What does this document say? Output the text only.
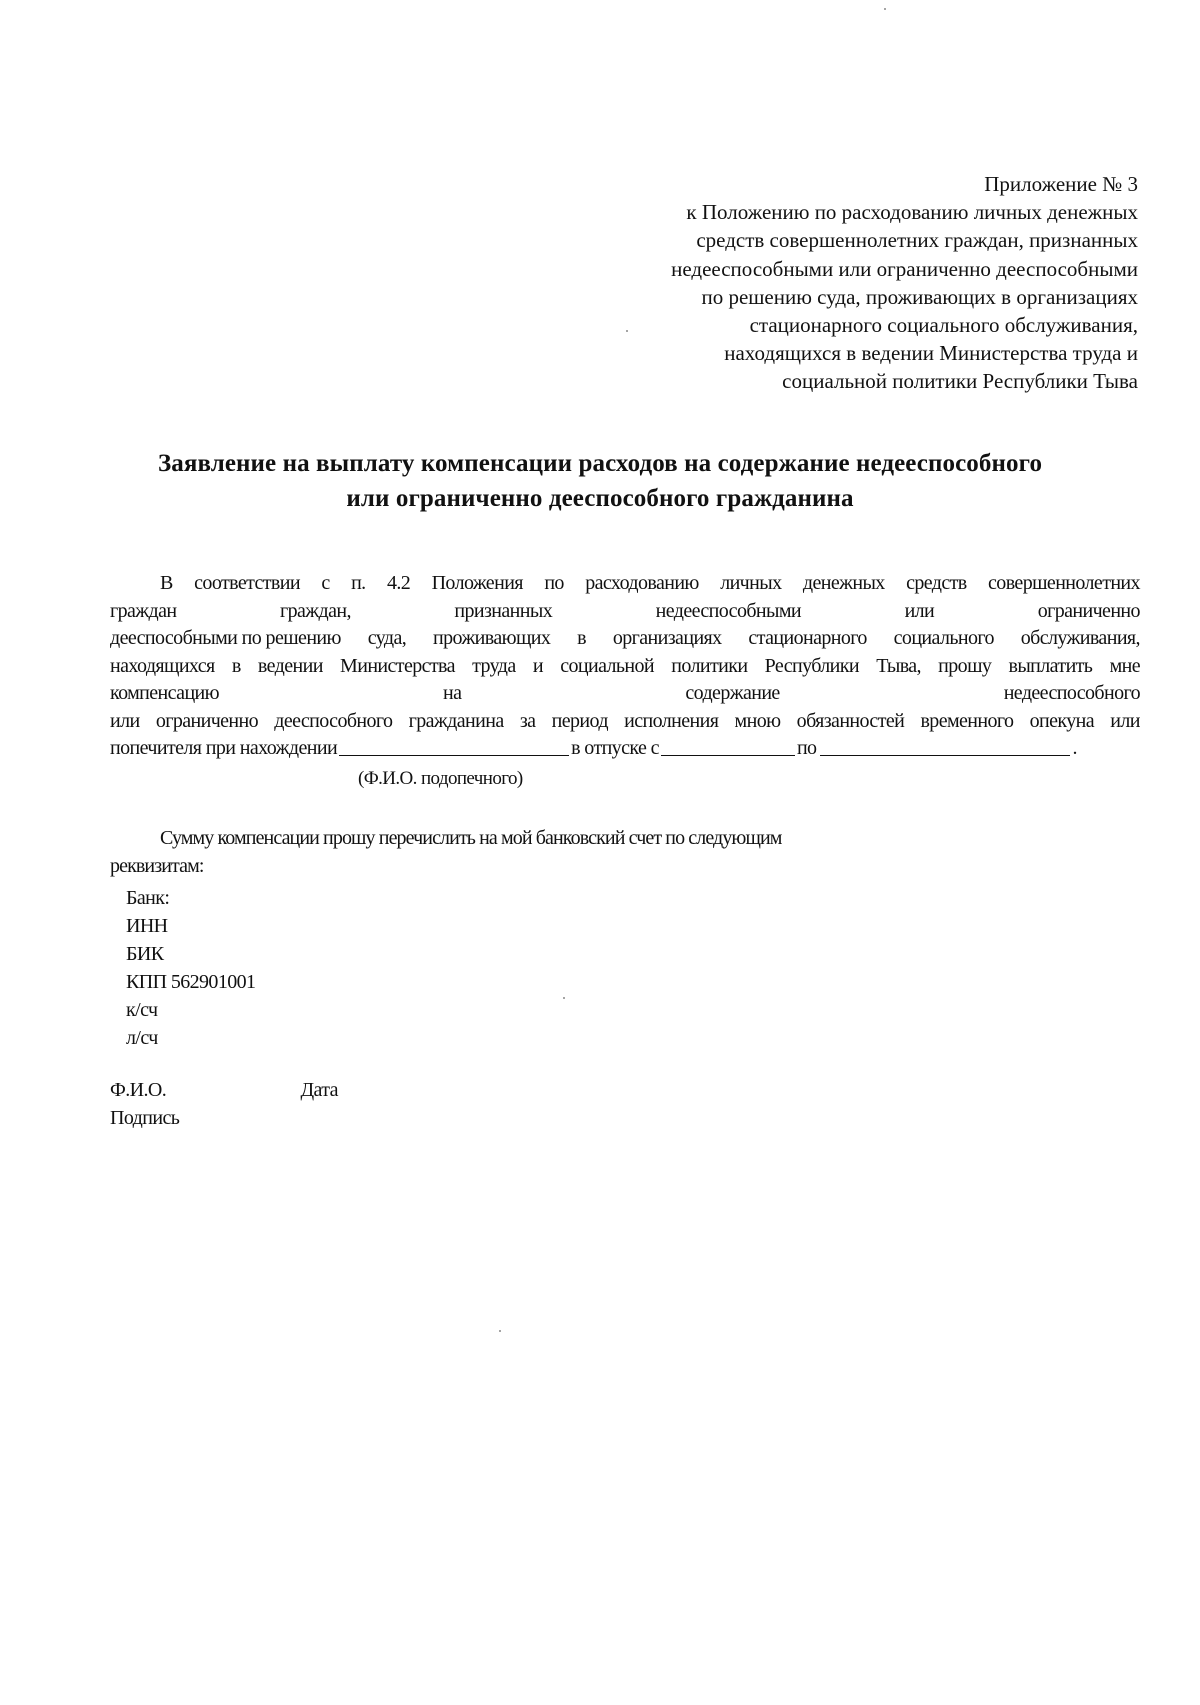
Приложение № 3
к Положению по расходованию личных денежных
средств совершеннолетних граждан, признанных
недееспособными или ограниченно дееспособными
по решению суда, проживающих в организациях
стационарного социального обслуживания,
находящихся в ведении Министерства труда и
социальной политики Республики Тыва
Заявление на выплату компенсации расходов на содержание недееспособного
или ограниченно дееспособного гражданина
В соответствии с п. 4.2 Положения по расходованию личных денежных средств совершеннолетних
граждан	граждан,	признанных	недееспособными	или	ограниченно
дееспособными по решению суда, проживающих в организациях стационарного социального обслуживания,
находящихся в ведении Министерства труда и социальной политики Республики Тыва, прошу выплатить мне
компенсацию	на	содержание	недееспособного
или ограниченно дееспособного гражданина за период исполнения мною обязанностей временного опекуна или
попечителя при нахождении	в отпуске с	по	.
(Ф.И.О. подопечного)
Сумму компенсации прошу перечислить на мой банковский счет по следующим
реквизитам:
Банк:
ИНН
БИК
КПП 562901001
к/сч
л/сч
Ф.И.О.	Дата
Подпись
